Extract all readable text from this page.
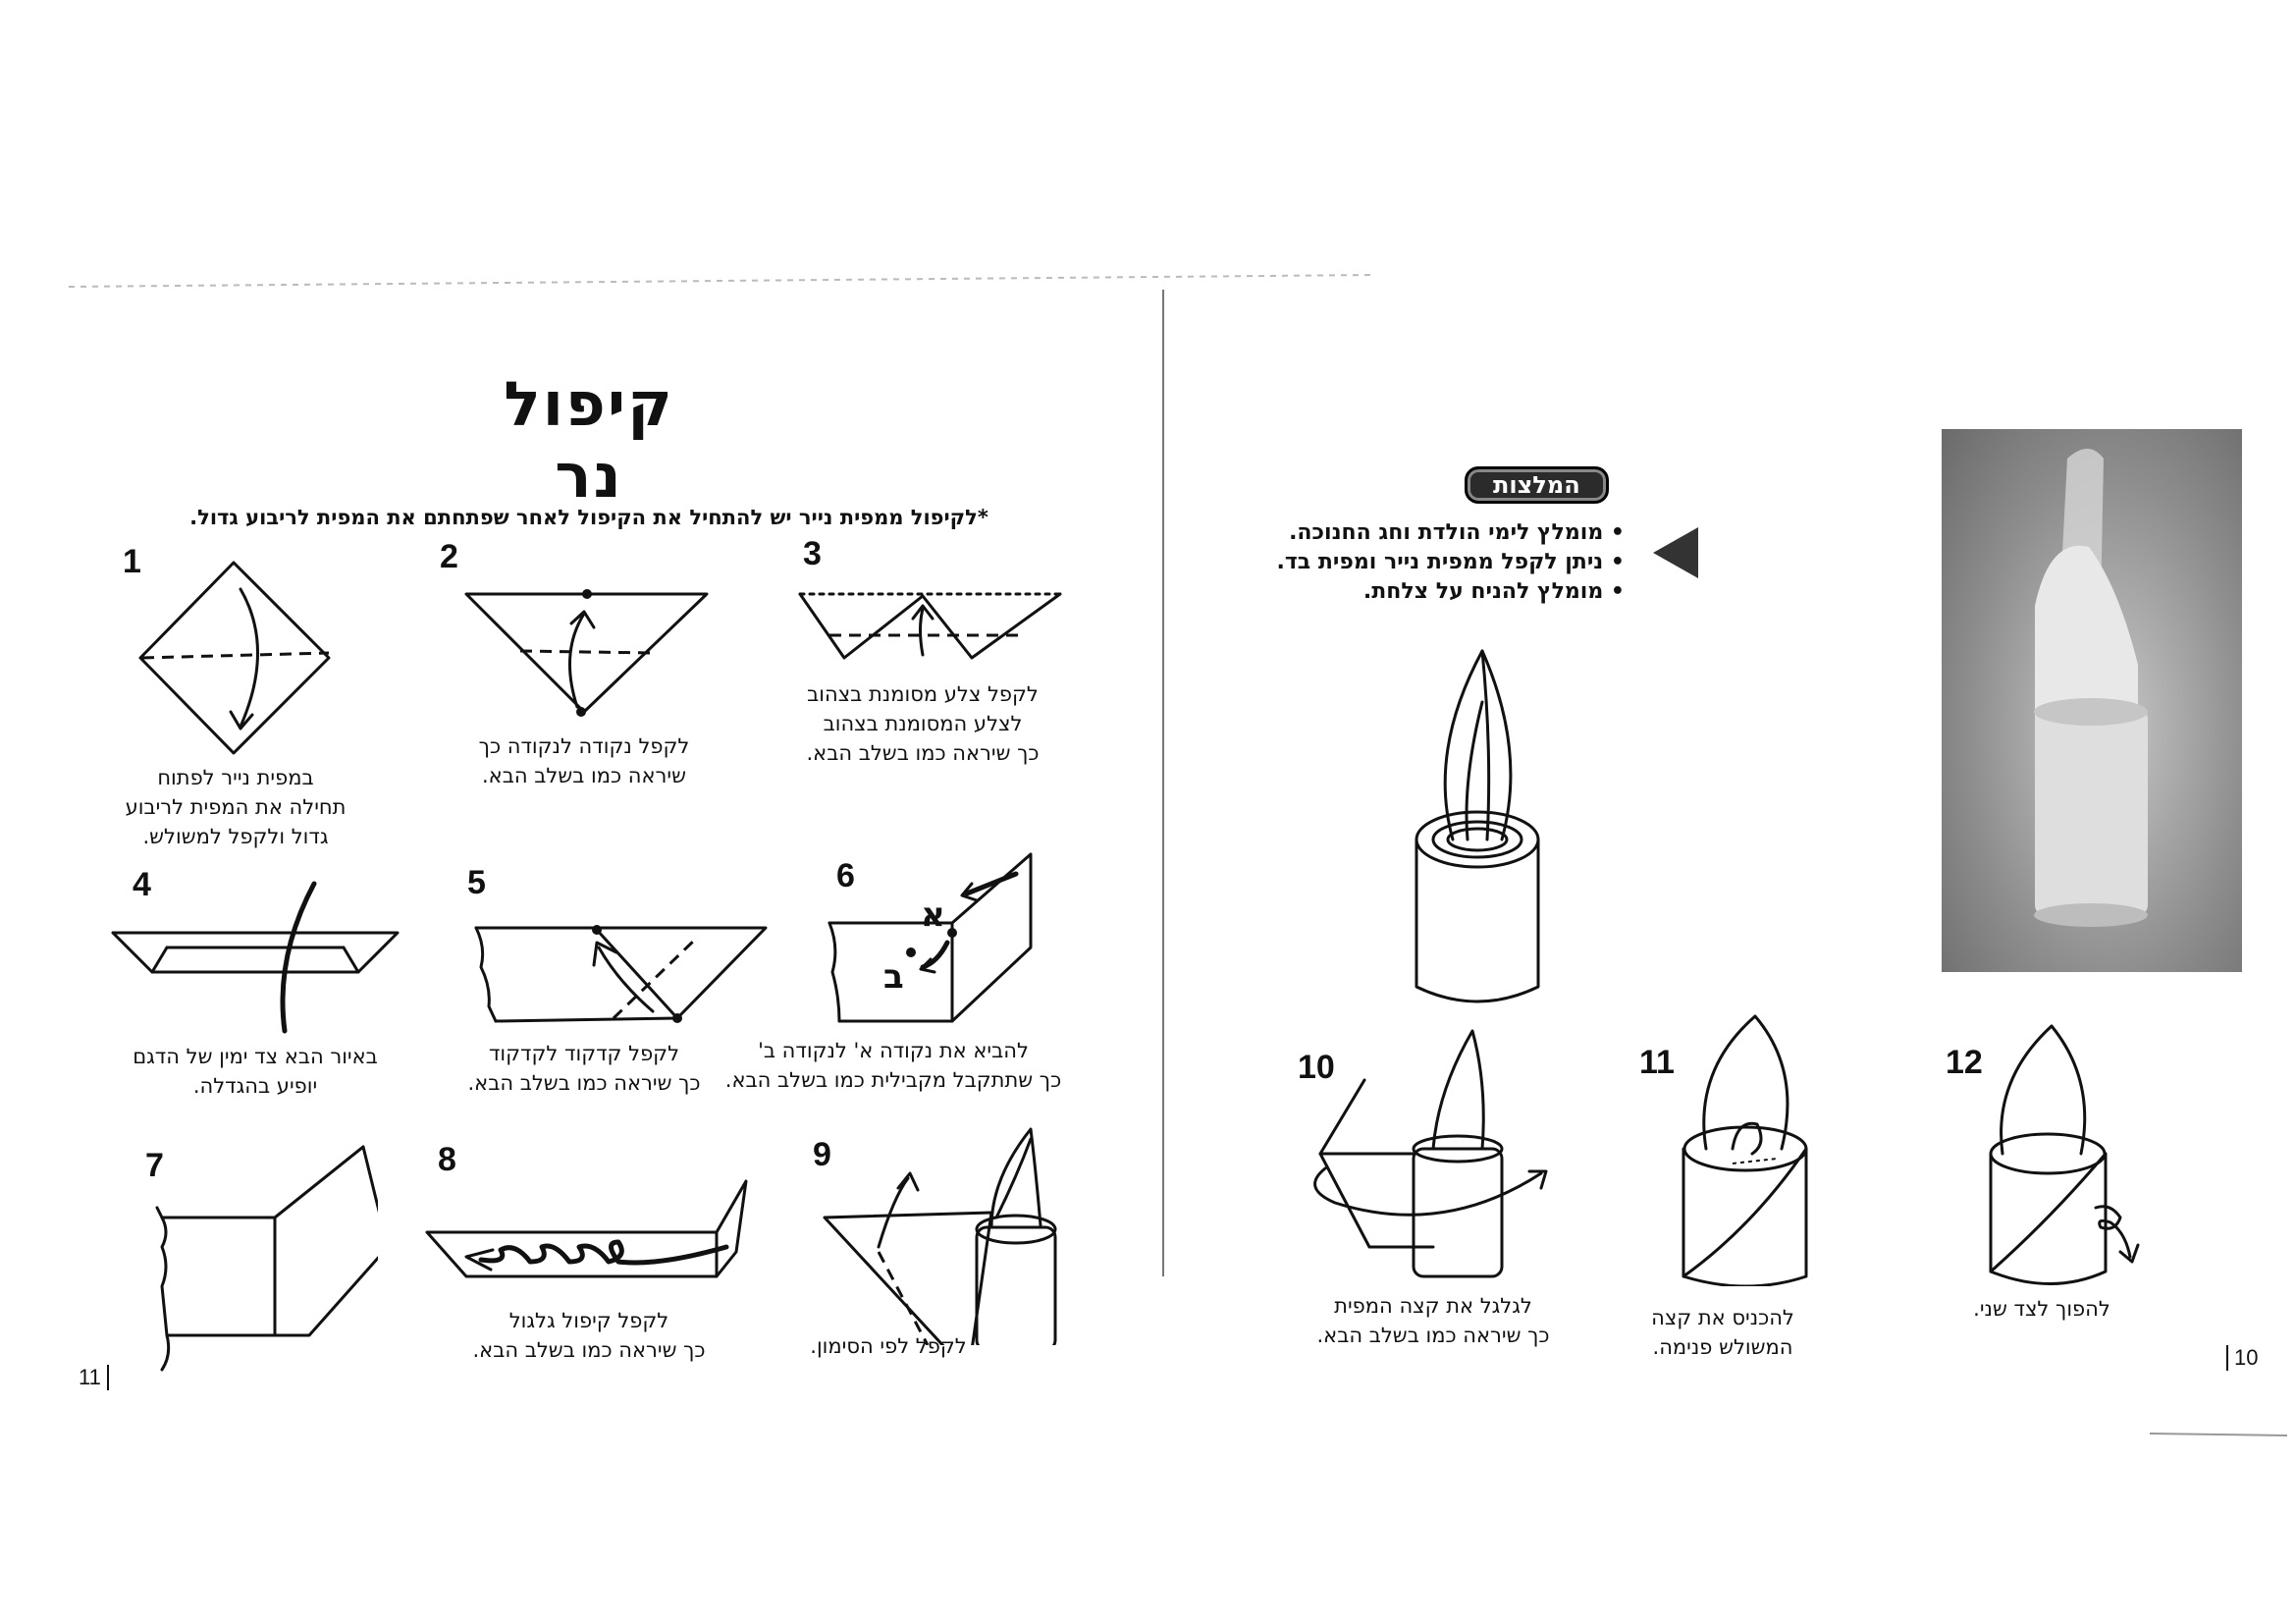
קיפול נר
*לקיפול ממפית נייר יש להתחיל את הקיפול לאחר שפתחתם את המפית לריבוע גדול.
1	2	3
4	5	6
7	8	9
א
ב
במפית נייר לפתוח
תחילה את המפית לריבוע
גדול ולקפל למשולש.
לקפל נקודה לנקודה כך
שיראה כמו בשלב הבא.
לקפל צלע מסומנת בצהוב
לצלע המסומנת בצהוב
כך שיראה כמו בשלב הבא.
באיור הבא צד ימין של הדגם
יופיע בהגדלה.
לקפל קדקוד לקדקוד
כך שיראה כמו בשלב הבא.
להביא את נקודה א' לנקודה ב'
כך שתתקבל מקבילית כמו בשלב הבא.
לקפל קיפול גלגול
כך שיראה כמו בשלב הבא.	לקפל לפי הסימון.
11
המלצות
• מומלץ לימי הולדת וחג החנוכה.
• ניתן לקפל ממפית נייר ומפית בד.
• מומלץ להניח על צלחת.
10	11	12
לגלגל את קצה המפית
כך שיראה כמו בשלב הבא.
להכניס את קצה
המשולש פנימה.
להפוך לצד שני.
10
